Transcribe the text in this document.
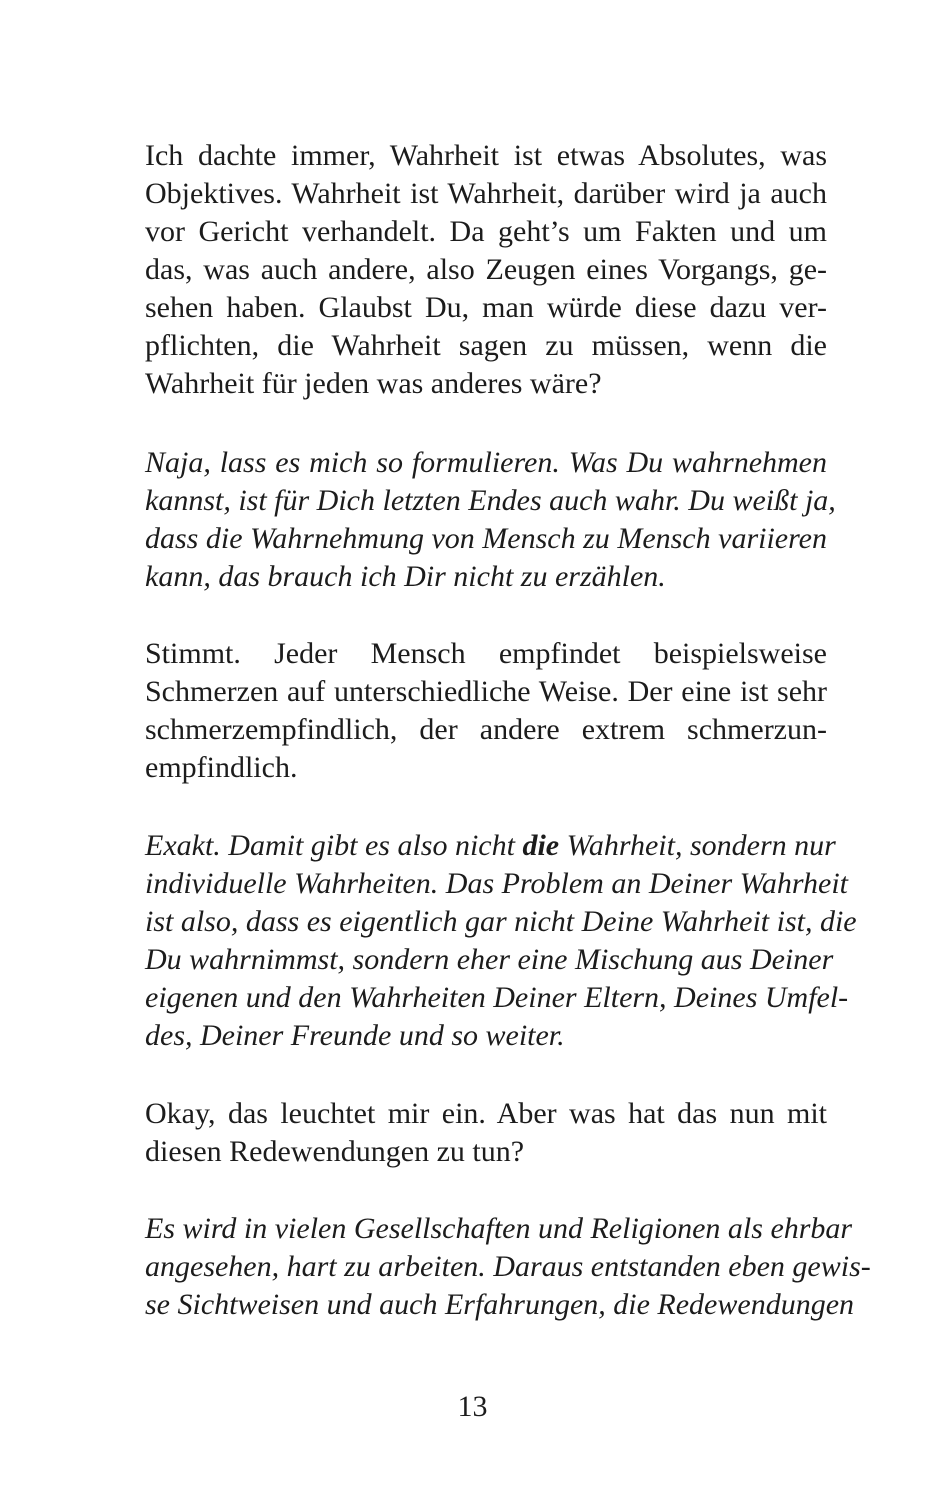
Ich dachte immer, Wahrheit ist etwas Absolutes, was
Objektives. Wahrheit ist Wahrheit, darüber wird ja auch
vor Gericht verhandelt. Da geht’s um Fakten und um
das, was auch andere, also Zeugen eines Vorgangs, ge-
sehen haben. Glaubst Du, man würde diese dazu ver-
pflichten, die Wahrheit sagen zu müssen, wenn die
Wahrheit für jeden was anderes wäre?
Naja, lass es mich so formulieren. Was Du wahrnehmen
kannst, ist für Dich letzten Endes auch wahr. Du weißt ja,
dass die Wahrnehmung von Mensch zu Mensch variieren
kann, das brauch ich Dir nicht zu erzählen.
Stimmt. Jeder Mensch empfindet beispielsweise
Schmerzen auf unterschiedliche Weise. Der eine ist sehr
schmerzempfindlich, der andere extrem schmerzun-
empfindlich.
Exakt. Damit gibt es also nicht die Wahrheit, sondern nur
individuelle Wahrheiten. Das Problem an Deiner Wahrheit
ist also, dass es eigentlich gar nicht Deine Wahrheit ist, die
Du wahrnimmst, sondern eher eine Mischung aus Deiner
eigenen und den Wahrheiten Deiner Eltern, Deines Umfel-
des, Deiner Freunde und so weiter.
Okay, das leuchtet mir ein. Aber was hat das nun mit
diesen Redewendungen zu tun?
Es wird in vielen Gesellschaften und Religionen als ehrbar
angesehen, hart zu arbeiten. Daraus entstanden eben gewis-
se Sichtweisen und auch Erfahrungen, die Redewendungen
13
